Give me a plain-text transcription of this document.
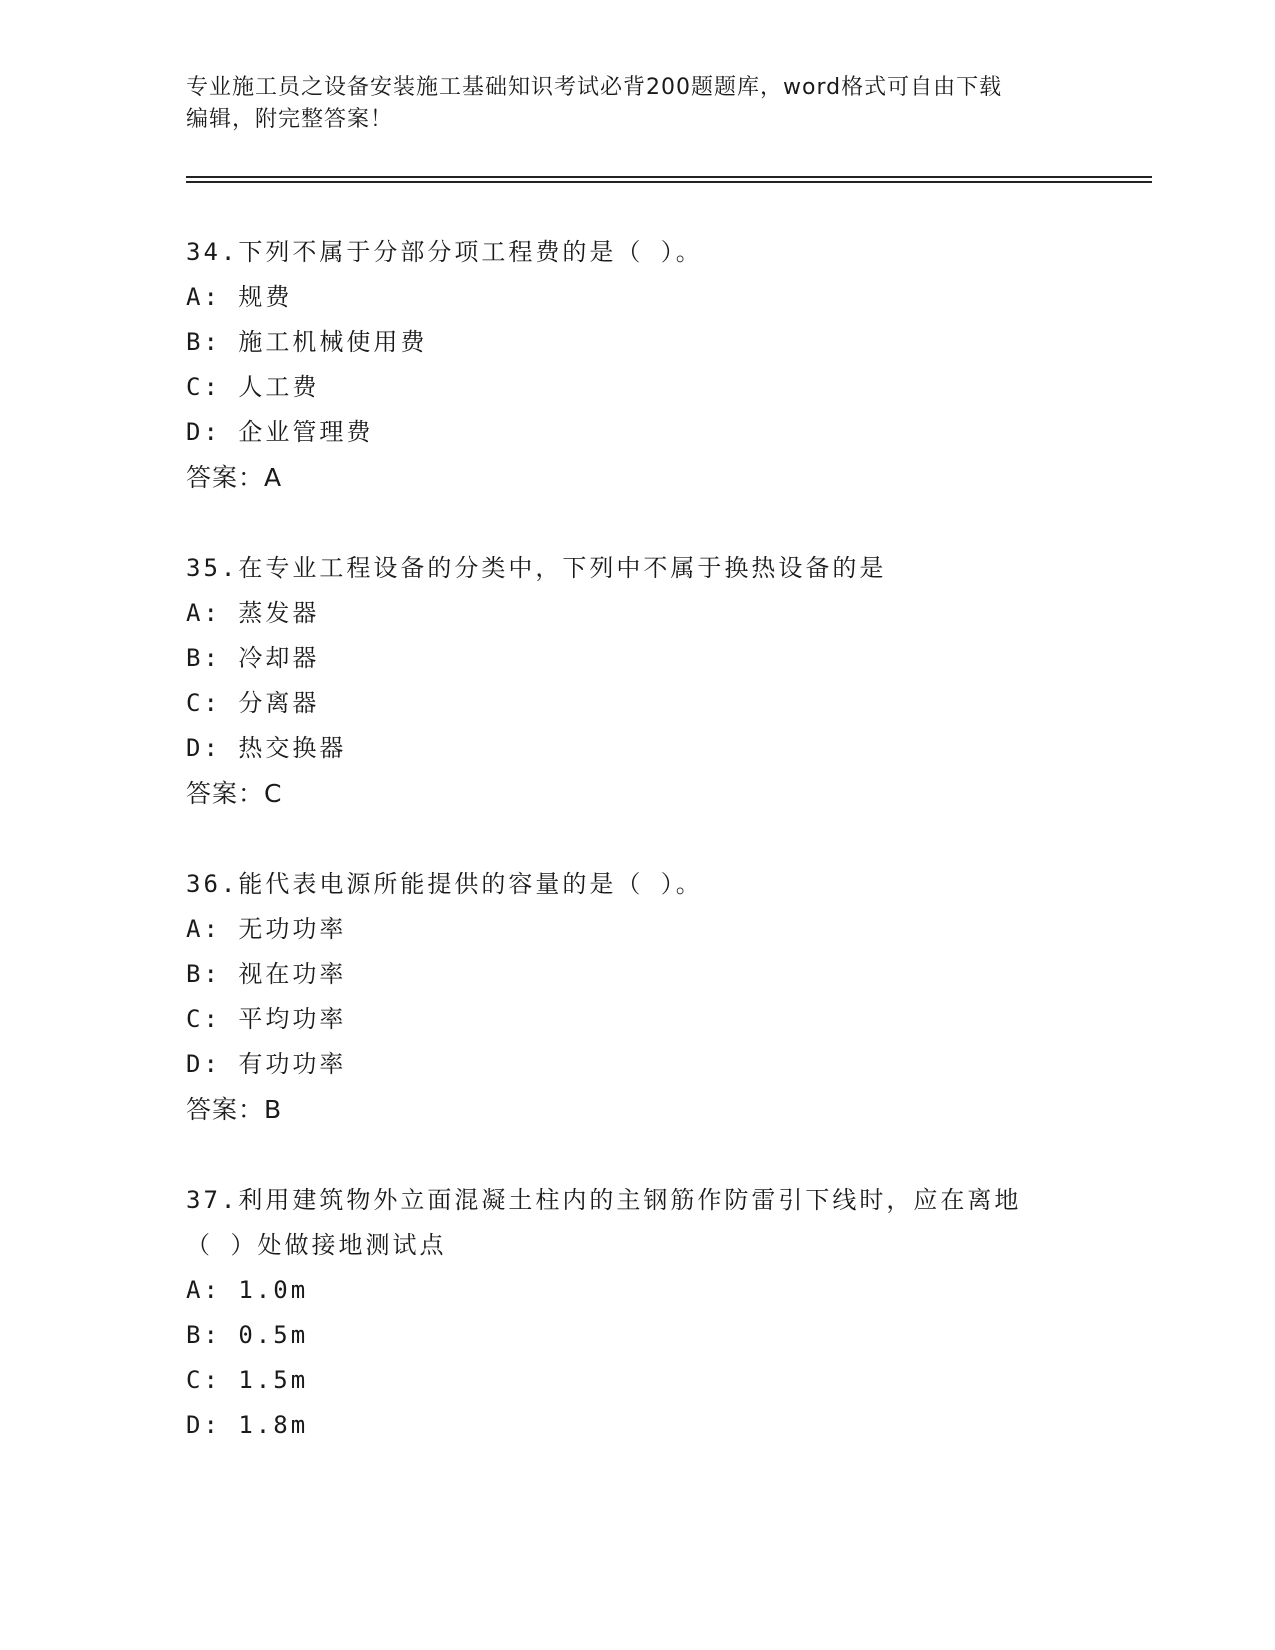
专业施工员之设备安装施工基础知识考试必背200题题库，word格式可自由下载
编辑，附完整答案！
34.下列不属于分部分项工程费的是（ ）。
A: 规费
B: 施工机械使用费
C: 人工费
D: 企业管理费
答案：A
35.在专业工程设备的分类中，下列中不属于换热设备的是
A: 蒸发器
B: 冷却器
C: 分离器
D: 热交换器
答案：C
36.能代表电源所能提供的容量的是（ ）。
A: 无功功率
B: 视在功率
C: 平均功率
D: 有功功率
答案：B
37.利用建筑物外立面混凝土柱内的主钢筋作防雷引下线时，应在离地
（ ）处做接地测试点
A: 1.0m
B: 0.5m
C: 1.5m
D: 1.8m
